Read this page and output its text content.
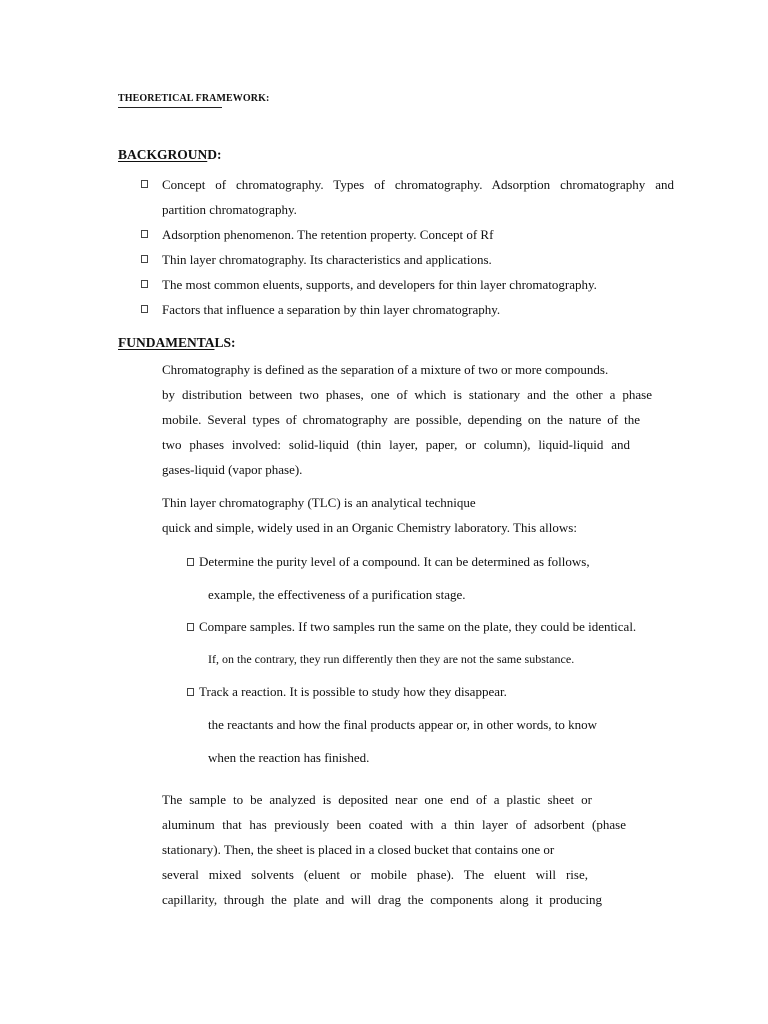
THEORETICAL FRAMEWORK:
BACKGROUND:
Concept of chromatography. Types of chromatography. Adsorption chromatography and
partition chromatography.
Adsorption phenomenon. The retention property. Concept of Rf
Thin layer chromatography. Its characteristics and applications.
The most common eluents, supports, and developers for thin layer chromatography.
Factors that influence a separation by thin layer chromatography.
FUNDAMENTALS:
Chromatography is defined as the separation of a mixture of two or more compounds.
by distribution between two phases, one of which is stationary and the other a phase
mobile. Several types of chromatography are possible, depending on the nature of the
two phases involved: solid-liquid (thin layer, paper, or column), liquid-liquid and
gases-liquid (vapor phase).
Thin layer chromatography (TLC) is an analytical technique
quick and simple, widely used in an Organic Chemistry laboratory. This allows:
Determine the purity level of a compound. It can be determined as follows,
example, the effectiveness of a purification stage.
Compare samples. If two samples run the same on the plate, they could be identical.
If, on the contrary, they run differently then they are not the same substance.
Track a reaction. It is possible to study how they disappear.
the reactants and how the final products appear or, in other words, to know
when the reaction has finished.
The sample to be analyzed is deposited near one end of a plastic sheet or
aluminum that has previously been coated with a thin layer of adsorbent (phase
stationary). Then, the sheet is placed in a closed bucket that contains one or
several mixed solvents (eluent or mobile phase). The eluent will rise,
capillarity, through the plate and will drag the components along it producing
